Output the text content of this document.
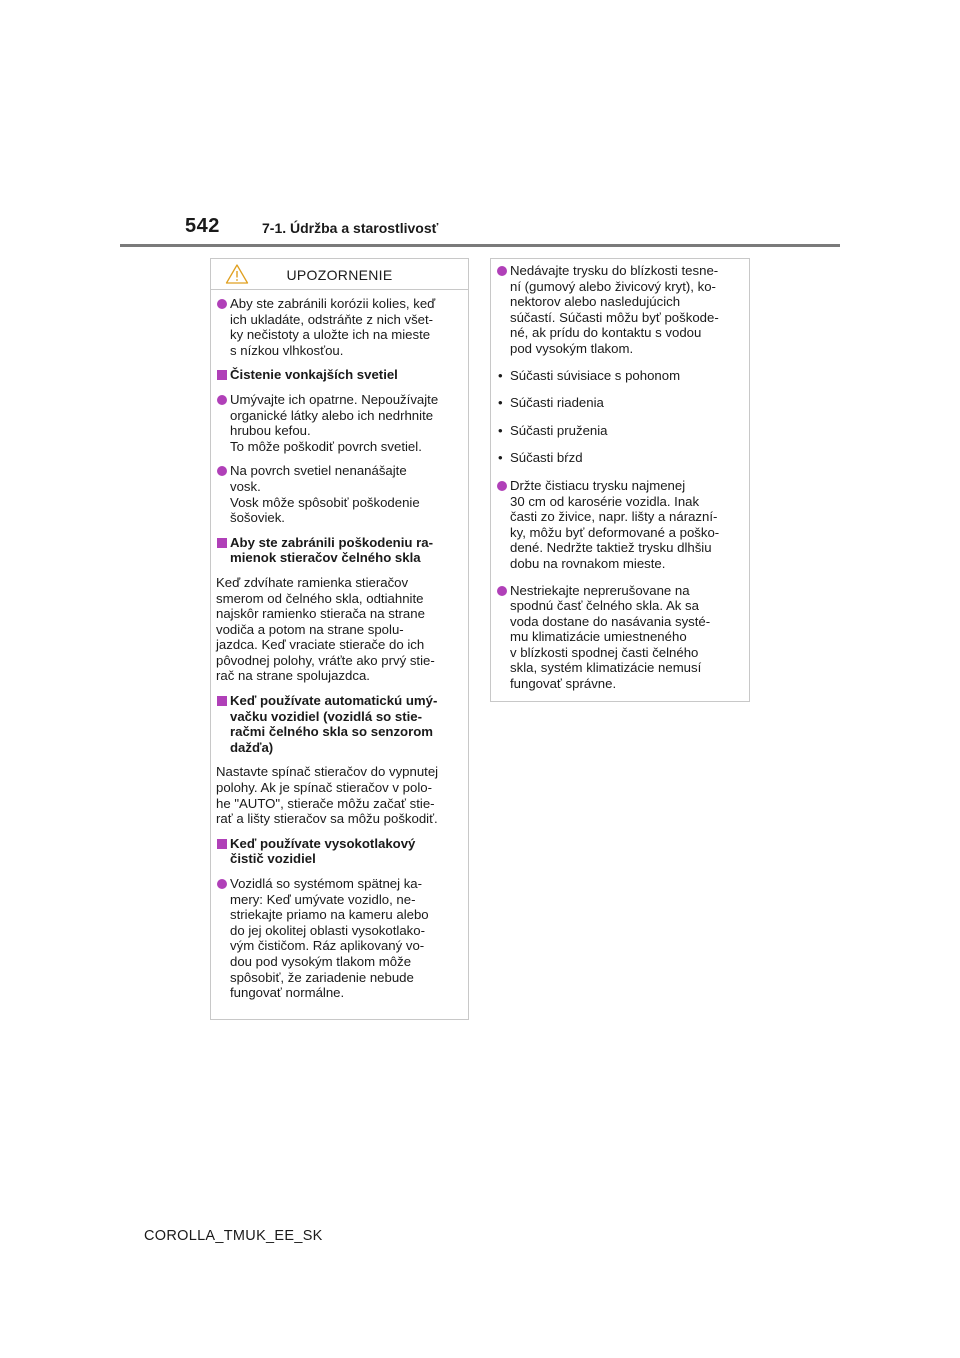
542	7-1. Údržba a starostlivosť
UPOZORNENIE
Aby ste zabránili korózii kolies, keď
ich ukladáte, odstráňte z nich všet-
ky nečistoty a uložte ich na mieste
s nízkou vlhkosťou.
Čistenie vonkajších svetiel
Umývajte ich opatrne. Nepoužívajte
organické látky alebo ich nedrhnite
hrubou kefou.
To môže poškodiť povrch svetiel.
Na povrch svetiel nenanášajte
vosk.
Vosk môže spôsobiť poškodenie
šošoviek.
Aby ste zabránili poškodeniu ra-
mienok stieračov čelného skla
Keď zdvíhate ramienka stieračov
smerom od čelného skla, odtiahnite
najskôr ramienko stierača na strane
vodiča a potom na strane spolu-
jazdca. Keď vraciate stierače do ich
pôvodnej polohy, vráťte ako prvý stie-
rač na strane spolujazdca.
Keď používate automatickú umý-
vačku vozidiel (vozidlá so stie-
račmi čelného skla so senzorom
dažďa)
Nastavte spínač stieračov do vypnutej
polohy. Ak je spínač stieračov v polo-
he "AUTO", stierače môžu začať stie-
rať a lišty stieračov sa môžu poškodiť.
Keď používate vysokotlakový
čistič vozidiel
Vozidlá so systémom spätnej ka-
mery: Keď umývate vozidlo, ne-
striekajte priamo na kameru alebo
do jej okolitej oblasti vysokotlako-
vým čističom. Ráz aplikovaný vo-
dou pod vysokým tlakom môže
spôsobiť, že zariadenie nebude
fungovať normálne.
Nedávajte trysku do blízkosti tesne-
ní (gumový alebo živicový kryt), ko-
nektorov alebo nasledujúcich
súčastí. Súčasti môžu byť poškode-
né, ak prídu do kontaktu s vodou
pod vysokým tlakom.
• Súčasti súvisiace s pohonom
• Súčasti riadenia
• Súčasti pruženia
• Súčasti bŕzd
Držte čistiacu trysku najmenej
30 cm od karosérie vozidla. Inak
časti zo živice, napr. lišty a nárazní-
ky, môžu byť deformované a poško-
dené. Nedržte taktiež trysku dlhšiu
dobu na rovnakom mieste.
Nestriekajte neprerušovane na
spodnú časť čelného skla. Ak sa
voda dostane do nasávania systé-
mu klimatizácie umiestneného
v blízkosti spodnej časti čelného
skla, systém klimatizácie nemusí
fungovať správne.
COROLLA_TMUK_EE_SK
